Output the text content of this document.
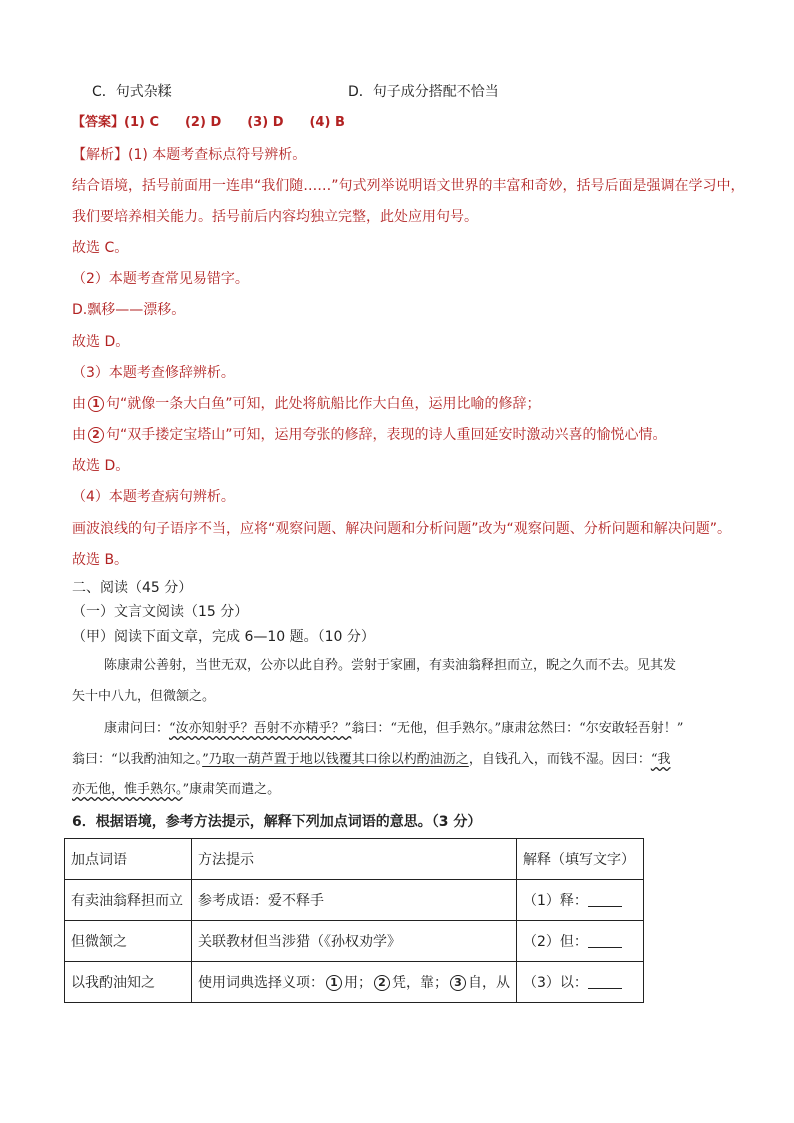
C．句式杂糅	D．句子成分搭配不恰当
【答案】(1) C　　(2) D　　(3) D　　(4) B
【解析】(1) 本题考查标点符号辨析。
结合语境，括号前面用一连串“我们随……”句式列举说明语文世界的丰富和奇妙，括号后面是强调在学习中，
我们要培养相关能力。括号前后内容均独立完整，此处应用句号。
故选 C。
（2）本题考查常见易错字。
D.飘移——漂移。
故选 D。
（3）本题考查修辞辨析。
由 1 句“就像一条大白鱼”可知，此处将航船比作大白鱼，运用比喻的修辞；
由 2 句“双手搂定宝塔山”可知，运用夸张的修辞，表现的诗人重回延安时激动兴喜的愉悦心情。
故选 D。
（4）本题考查病句辨析。
画波浪线的句子语序不当，应将“观察问题、解决问题和分析问题”改为“观察问题、分析问题和解决问题”。
故选 B。
二、阅读（45 分）
（一）文言文阅读（15 分）
（甲）阅读下面文章，完成 6—10 题。（10 分）
陈康肃公善射，当世无双，公亦以此自矜。尝射于家圃，有卖油翁释担而立，睨之久而不去。见其发
矢十中八九，但微颔之。
康肃问曰：“汝亦知射乎？吾射不亦精乎？”翁曰：“无他，但手熟尔。”康肃忿然曰：“尔安敢轻吾射！”
翁曰：“以我酌油知之。”乃取一葫芦置于地以钱覆其口徐以杓酌油沥之，自钱孔入，而钱不湿。因曰：“我
亦无他，惟手熟尔。”康肃笑而遣之。
6．根据语境，参考方法提示，解释下列加点词语的意思。（3 分）
加点词语	方法提示	解释（填写文字）
有卖油翁释担而立	参考成语：爱不释手	（1）释：
但微颔之	关联教材但当涉猎（《孙权劝学》	（2）但：
以我酌油知之	使用词典选择义项： 1 用； 2 凭，靠； 3 自，从	（3）以：
